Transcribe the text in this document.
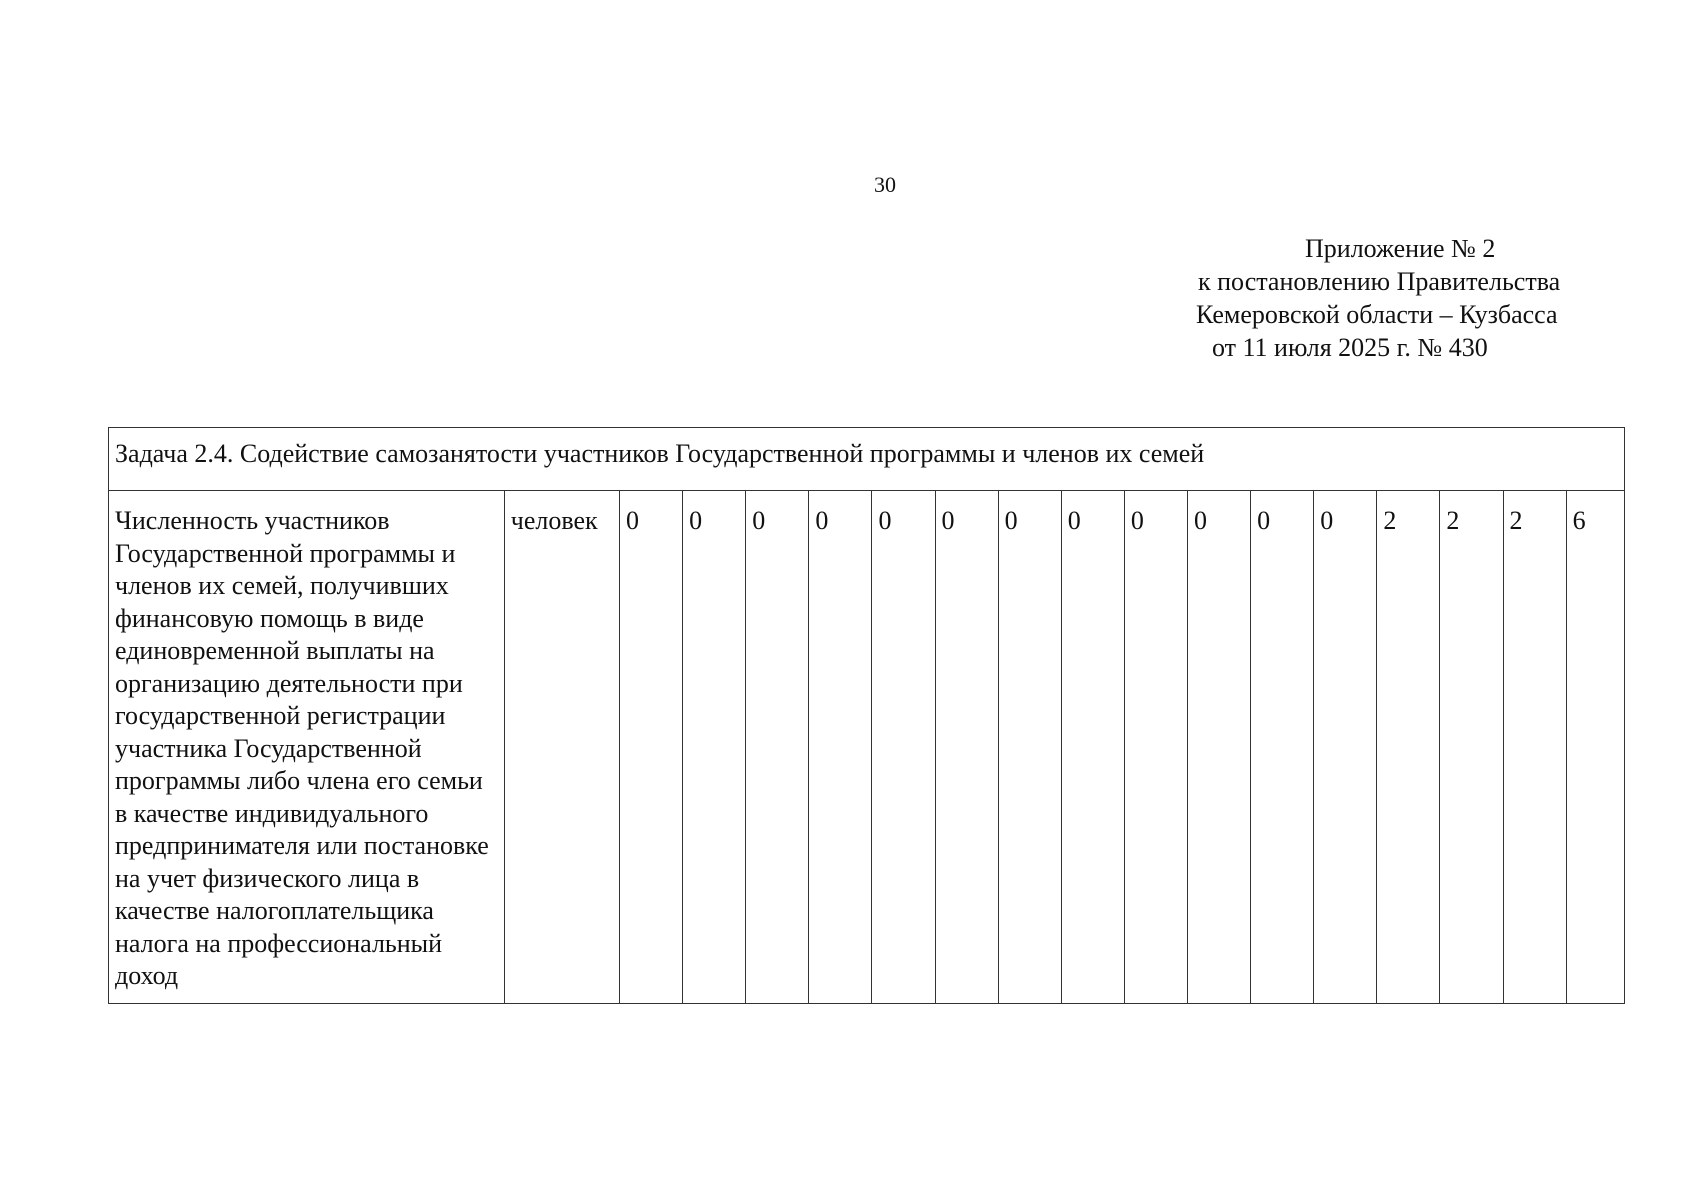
30
Приложение № 2
к постановлению Правительства
Кемеровской области – Кузбасса
от 11 июля 2025 г. № 430
Задача 2.4. Содействие самозанятости участников Государственной программы и членов их семей
Численность участников Государственной программы и членов их семей, получивших финансовую помощь в виде единовременной выплаты на организацию деятельности при государственной регистрации участника Государственной программы либо члена его семьи в качестве индивидуального предпринимателя или постановке на учет физического лица в качестве налогоплательщика налога на профессиональный доход	человек	0	0	0	0	0	0	0	0	0	0	0	0	2	2	2	6
